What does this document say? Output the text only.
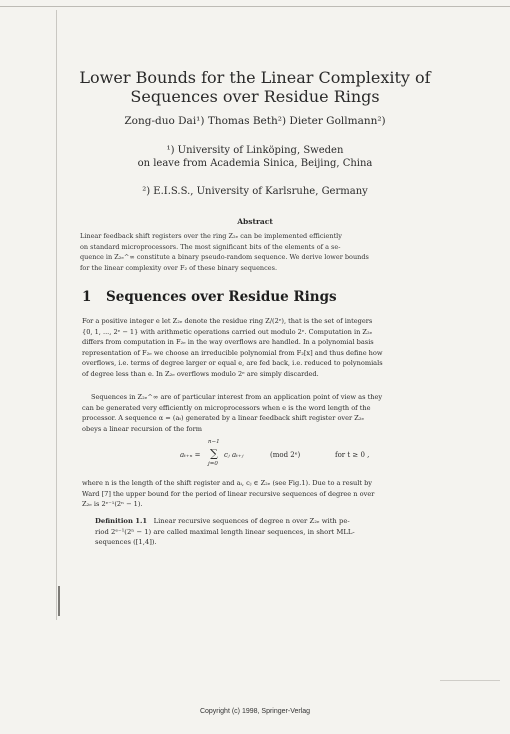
Lower Bounds for the Linear Complexity of
Sequences over Residue Rings
Zong-duo Dai¹) Thomas Beth²) Dieter Gollmann²)
¹) University of Linköping, Sweden
on leave from Academia Sinica, Beijing, China
²) E.I.S.S., University of Karlsruhe, Germany
Abstract
Linear feedback shift registers over the ring Z₂ₑ can be implemented efficiently
on standard microprocessors. The most significant bits of the elements of a se-
quence in Z₂ₑ^∞ constitute a binary pseudo-random sequence. We derive lower bounds
for the linear complexity over F₂ of these binary sequences.
1 Sequences over Residue Rings
For a positive integer e let Z₂ₑ denote the residue ring Z/(2ᵉ), that is the set of integers
{0, 1, ..., 2ᵉ − 1} with arithmetic operations carried out modulo 2ᵉ. Computation in Z₂ₑ
differs from computation in F₂ₑ in the way overflows are handled. In a polynomial basis
representation of F₂ₑ we choose an irreducible polynomial from F₂[x] and thus define how
overflows, i.e. terms of degree larger or equal e, are fed back, i.e. reduced to polynomials
of degree less than e. In Z₂ₑ overflows modulo 2ᵉ are simply discarded.
Sequences in Z₂ₑ^∞ are of particular interest from an application point of view as they
can be generated very efficiently on microprocessors when e is the word length of the
processor. A sequence α = (aₜ) generated by a linear feedback shift register over Z₂ₑ
obeys a linear recursion of the form
aₜ₊ₙ =
n−1
∑
j=0
cⱼ aₜ₊ⱼ	(mod 2ᵉ)	for t ≥ 0 ,
where n is the length of the shift register and aᵢ, cⱼ ∈ Z₂ₑ (see Fig.1). Due to a result by
Ward [7] the upper bound for the period of linear recursive sequences of degree n over
Z₂ₑ is 2ᵉ⁻¹(2ⁿ − 1).
Definition 1.1 Linear recursive sequences of degree n over Z₂ₑ with pe-
riod 2ᵉ⁻¹(2ⁿ − 1) are called maximal length linear sequences, in short MLL-
sequences ([1,4]).
Copyright (c) 1998, Springer-Verlag
